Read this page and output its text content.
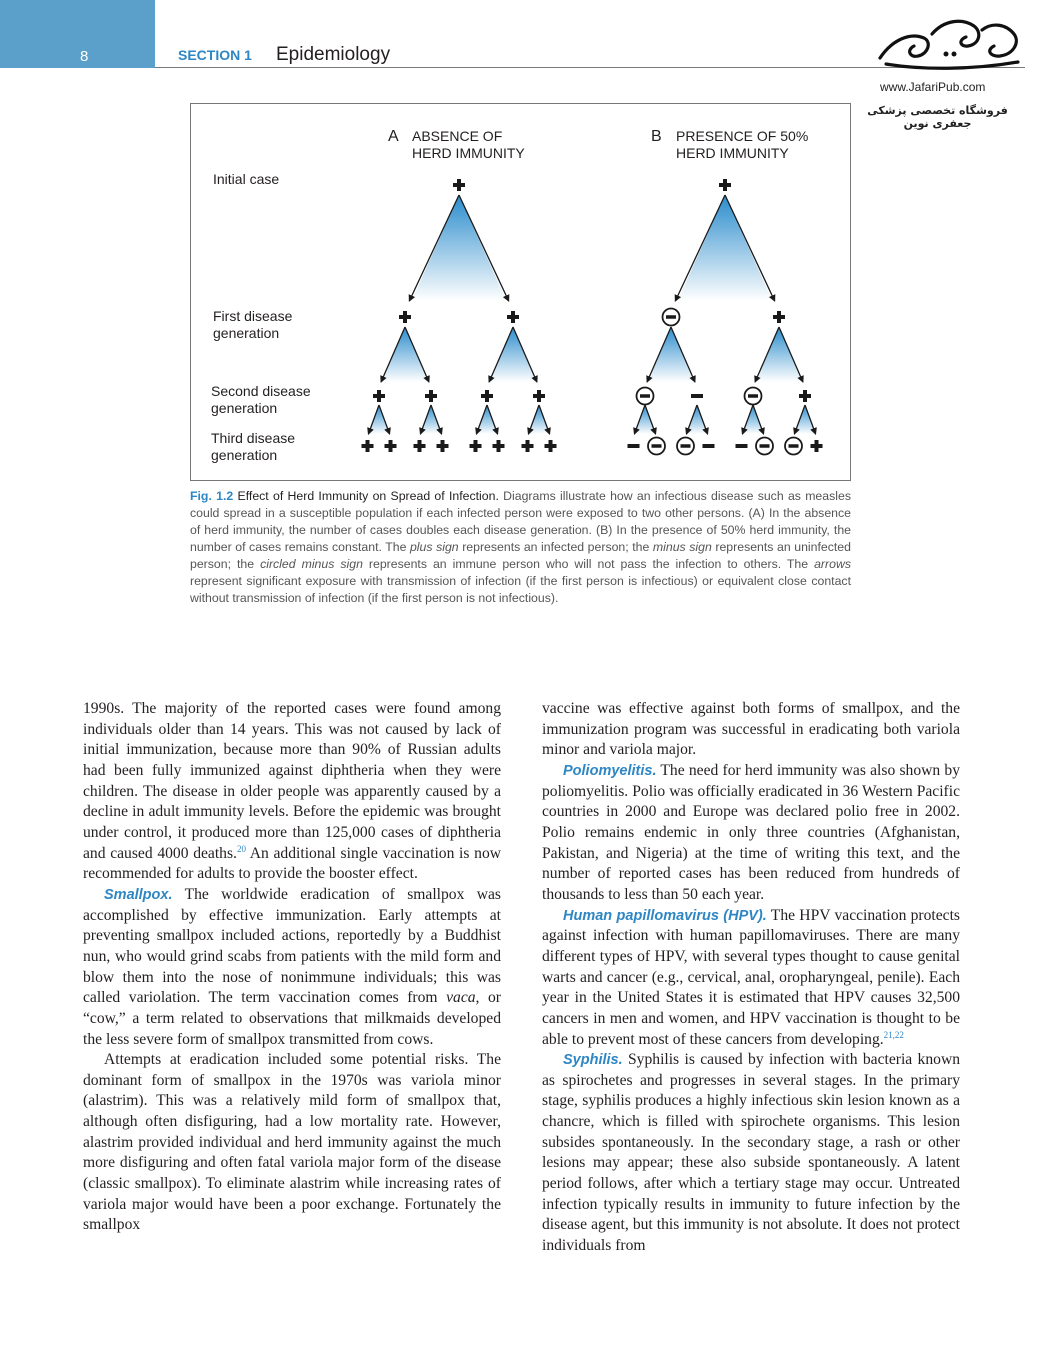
8	SECTION 1 Epidemiology
www.JafariPub.com
فروشگاه تخصصی پزشکی جعفری نوین
A ABSENCE OF
HERD IMMUNITY
B PRESENCE OF 50%
HERD IMMUNITY
Initial case
First disease
generation
Second disease
generation
Third disease
generation
Fig. 1.2 Effect of Herd Immunity on Spread of Infection. Diagrams illustrate how an infectious disease such as measles could spread in a susceptible population if each infected person were exposed to two other persons. (A) In the absence of herd immunity, the number of cases doubles each disease generation. (B) In the presence of 50% herd immunity, the number of cases remains constant. The plus sign represents an infected person; the minus sign represents an uninfected person; the circled minus sign represents an immune person who will not pass the infection to others. The arrows represent significant exposure with transmission of infection (if the first person is infectious) or equivalent close contact without transmission of infection (if the first person is not infectious).

1990s. The majority of the reported cases were found among individuals older than 14 years. This was not caused by lack of initial immunization, because more than 90% of Russian adults had been fully immunized against diphtheria when they were children. The disease in older people was apparently caused by a decline in adult immunity levels. Before the epidemic was brought under control, it produced more than 125,000 cases of diphtheria and caused 4000 deaths.$^{20}$ An additional single vaccination is now recommended for adults to provide the booster effect.

Smallpox. The worldwide eradication of smallpox was accomplished by effective immunization. Early attempts at preventing smallpox included actions, reportedly by a Buddhist nun, who would grind scabs from patients with the mild form and blow them into the nose of nonimmune individuals; this was called variolation. The term vaccination comes from vaca, or “cow,” a term related to observations that milkmaids developed the less severe form of smallpox transmitted from cows.

Attempts at eradication included some potential risks. The dominant form of smallpox in the 1970s was variola minor (alastrim). This was a relatively mild form of smallpox that, although often disfiguring, had a low mortality rate. However, alastrim provided individual and herd immunity against the much more disfiguring and often fatal variola major form of the disease (classic smallpox). To eliminate alastrim while increasing rates of variola major would have been a poor exchange. Fortunately the smallpox

vaccine was effective against both forms of smallpox, and the immunization program was successful in eradicating both variola minor and variola major.

Poliomyelitis. The need for herd immunity was also shown by poliomyelitis. Polio was officially eradicated in 36 Western Pacific countries in 2000 and Europe was declared polio free in 2002. Polio remains endemic in only three countries (Afghanistan, Pakistan, and Nigeria) at the time of writing this text, and the number of reported cases has been reduced from hundreds of thousands to less than 50 each year.

Human papillomavirus (HPV). The HPV vaccination protects against infection with human papillomaviruses. There are many different types of HPV, with several types thought to cause genital warts and cancer (e.g., cervical, anal, oropharyngeal, penile). Each year in the United States it is estimated that HPV causes 32,500 cancers in men and women, and HPV vaccination is thought to be able to prevent most of these cancers from developing.$^{21,22}$

Syphilis. Syphilis is caused by infection with bacteria known as spirochetes and progresses in several stages. In the primary stage, syphilis produces a highly infectious skin lesion known as a chancre, which is filled with spirochete organisms. This lesion subsides spontaneously. In the secondary stage, a rash or other lesions may appear; these also subside spontaneously. A latent period follows, after which a tertiary stage may occur. Untreated infection typically results in immunity to future infection by the disease agent, but this immunity is not absolute. It does not protect individuals from
